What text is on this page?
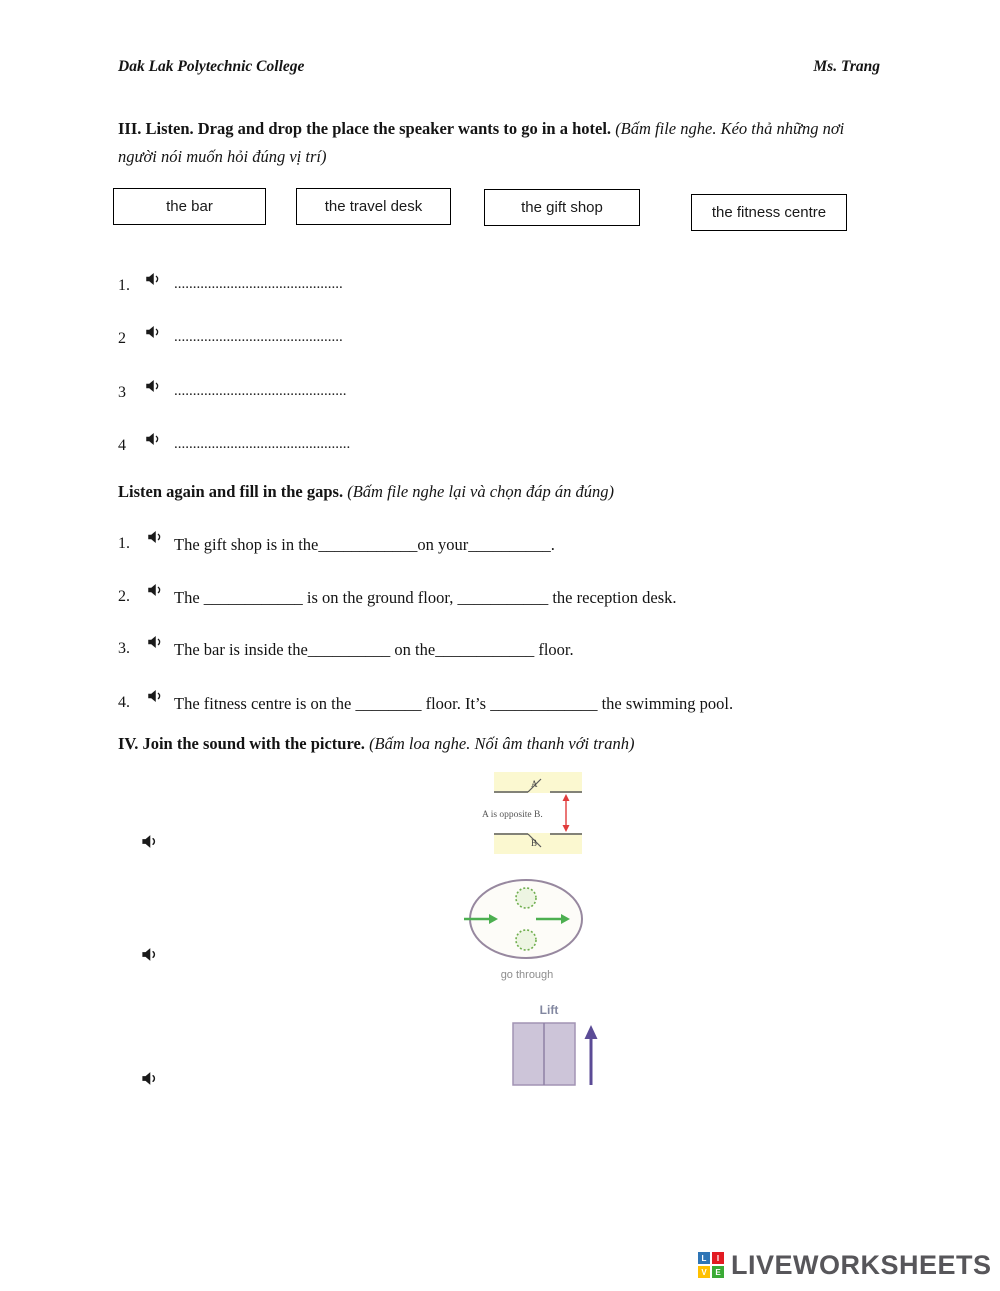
Dak Lak Polytechnic College	Ms. Trang

III. Listen. Drag and drop the place the speaker wants to go in a hotel. (Bấm file nghe. Kéo thả những nơi người nói muốn hỏi đúng vị trí)

the bar	the travel desk	the gift shop	the fitness centre
1.	.............................................
2	.............................................
3	..............................................
4	...............................................

Listen again and fill in the gaps. (Bấm file nghe lại và chọn đáp án đúng)

1.	The gift shop is in the____________on your__________.
2.	The ____________ is on the ground floor, ___________ the reception desk.
3.	The bar is inside the__________ on the____________ floor.
4.	The fitness centre is on the ________ floor. It’s _____________ the swimming pool.

IV. Join the sound with the picture. (Bấm loa nghe. Nối âm thanh với tranh)

A
B
A is opposite B.
go through
Lift
L	I
V	E LIVEWORKSHEETS
